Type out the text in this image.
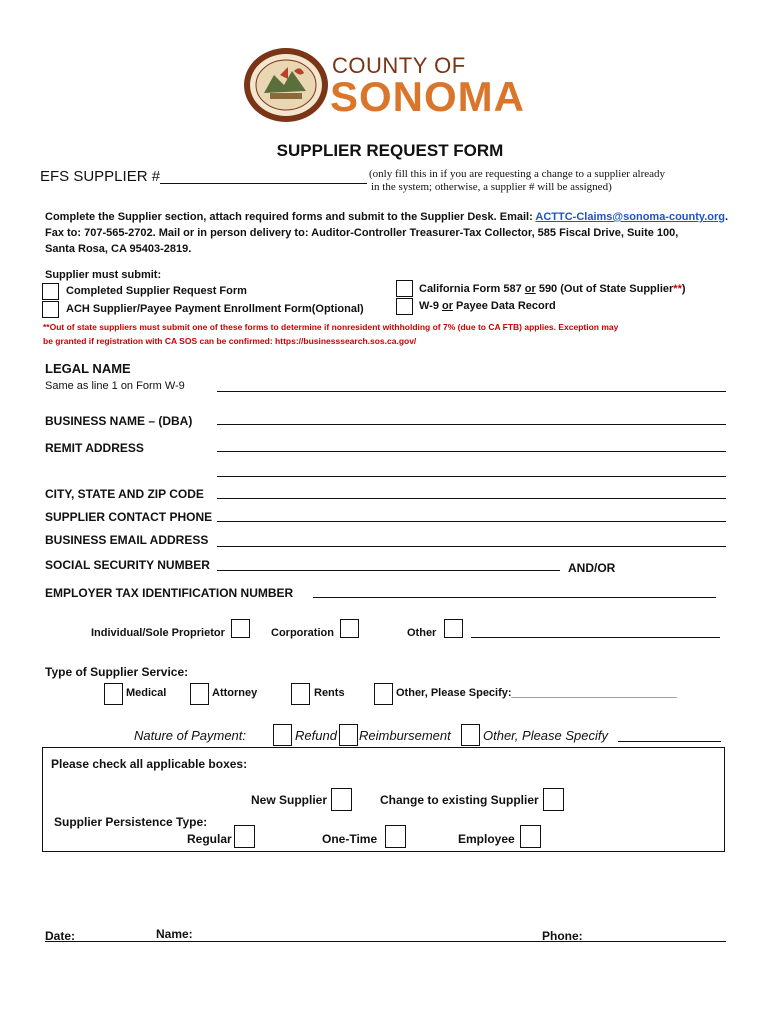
COUNTY OF
SONOMA
SUPPLIER REQUEST FORM
EFS SUPPLIER #	(only fill this in if you are requesting a change to a supplier already
in the system; otherwise, a supplier # will be assigned)
Complete the Supplier section, attach required forms and submit to the Supplier Desk. Email: ACTTC-Claims@sonoma-county.org.
Fax to: 707-565-2702. Mail or in person delivery to: Auditor-Controller Treasurer-Tax Collector, 585 Fiscal Drive, Suite 100,
Santa Rosa, CA 95403-2819.
Supplier must submit:
Completed Supplier Request Form
ACH Supplier/Payee Payment Enrollment Form(Optional)
California Form 587 or 590 (Out of State Supplier**)
W-9 or Payee Data Record
**Out of state suppliers must submit one of these forms to determine if nonresident withholding of 7% (due to CA FTB) applies. Exception may
be granted if registration with CA SOS can be confirmed: https://businesssearch.sos.ca.gov/
LEGAL NAME
Same as line 1 on Form W-9
BUSINESS NAME – (DBA)
REMIT ADDRESS
CITY, STATE AND ZIP CODE
SUPPLIER CONTACT PHONE
BUSINESS EMAIL ADDRESS
SOCIAL SECURITY NUMBER	AND/OR
EMPLOYER TAX IDENTIFICATION NUMBER
Individual/Sole Proprietor	Corporation	Other
Type of Supplier Service:
Medical	Attorney	Rents	Other, Please Specify:___________________________
Nature of Payment:	Refund Reimbursement Other, Please Specify
Please check all applicable boxes:
New Supplier	Change to existing Supplier
Supplier Persistence Type:
Regular	One-Time	Employee
Date:	Name:	Phone:
